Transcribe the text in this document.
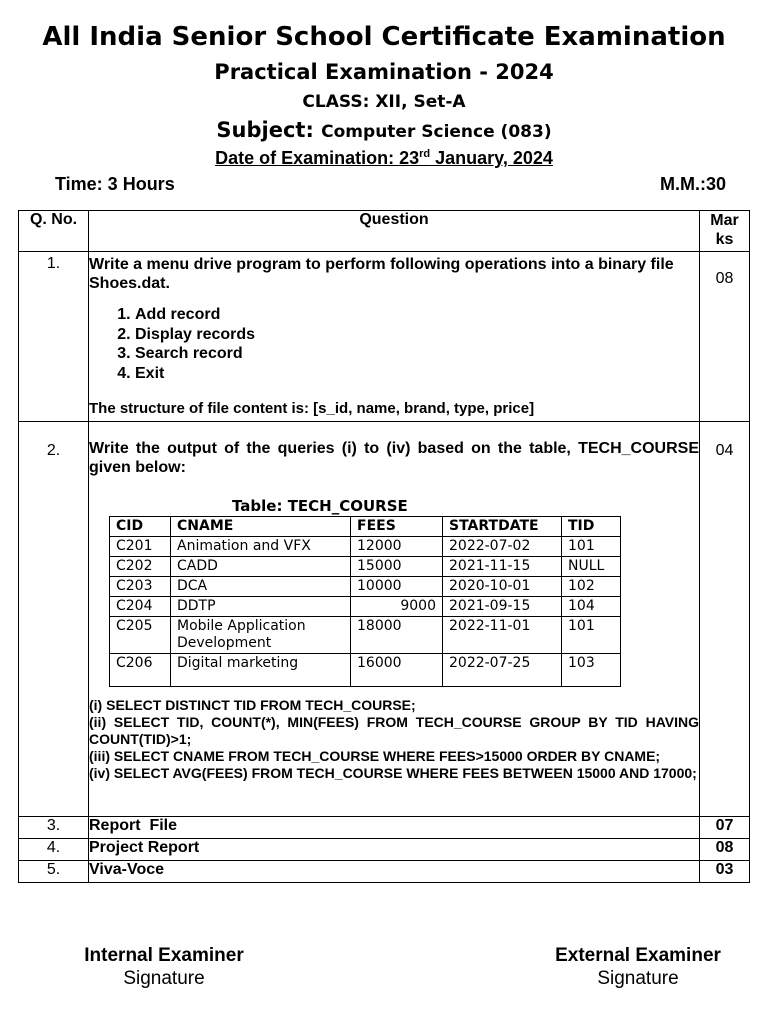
All India Senior School Certificate Examination
Practical Examination - 2024
CLASS: XII, Set-A
Subject: Computer Science (083)
Date of Examination: 23rd January, 2024
Time: 3 Hours	M.M.:30
Q. No.	Question	Mar ks
1.	Write a menu drive program to perform following operations into a binary file Shoes.dat.

1. Add record
2. Display records
3. Search record
4. Exit

The structure of file content is: [s_id, name, brand, type, price]

	08
2.	Write the output of the queries (i) to (iv) based on the table, TECH_COURSE given below:

Table: TECH_COURSE
CID	CNAME	FEES	STARTDATE	TID
C201	Animation and VFX	12000	2022-07-02	101
C202	CADD	15000	2021-11-15	NULL
C203	DCA	10000	2020-10-01	102
C204	DDTP	9000	2021-09-15	104
C205	Mobile Application Development	18000	2022-11-01	101
C206	Digital marketing	16000	2022-07-25	103
(i) SELECT DISTINCT TID FROM TECH_COURSE;
(ii) SELECT TID, COUNT(*), MIN(FEES) FROM TECH_COURSE GROUP BY TID HAVING COUNT(TID)>1;
(iii) SELECT CNAME FROM TECH_COURSE WHERE FEES>15000 ORDER BY CNAME;
(iv) SELECT AVG(FEES) FROM TECH_COURSE WHERE FEES BETWEEN 15000 AND 17000;
	04
3.	Report  File	07
4.	Project Report	08
5.	Viva-Voce	03
Internal Examiner
Signature
External Examiner
Signature
